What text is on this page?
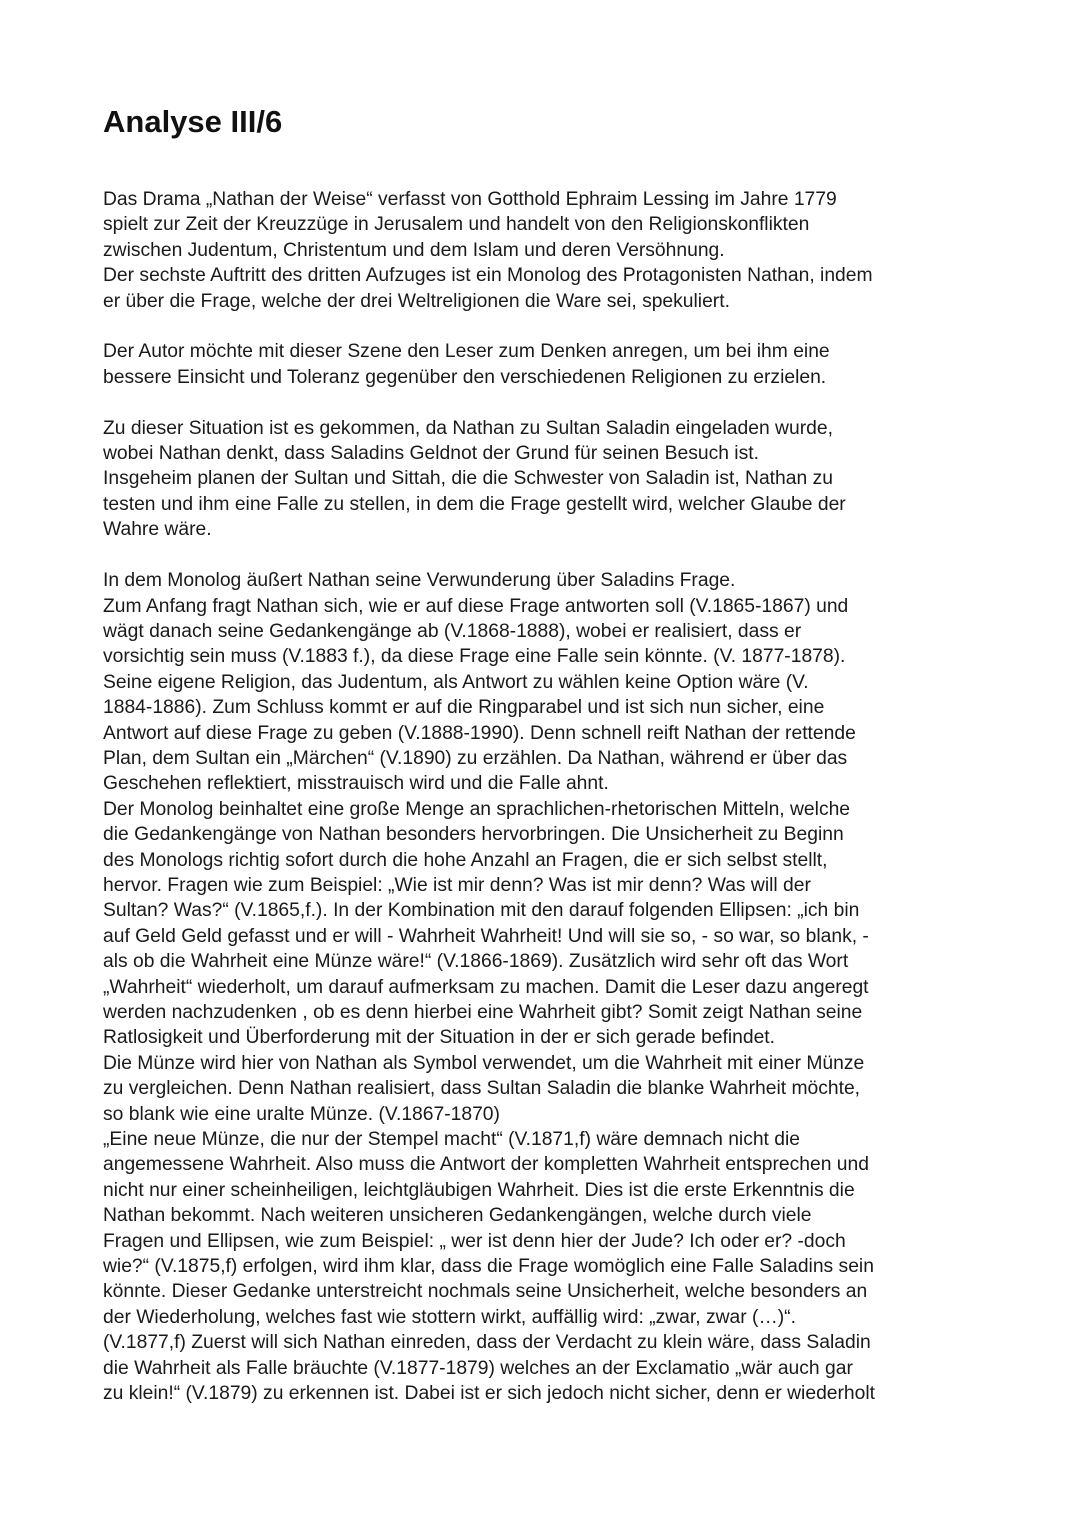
Analyse III/6
Das Drama „Nathan der Weise“ verfasst von Gotthold Ephraim Lessing im Jahre 1779
spielt zur Zeit der Kreuzzüge in Jerusalem und handelt von den Religionskonflikten
zwischen Judentum, Christentum und dem Islam und deren Versöhnung.
Der sechste Auftritt des dritten Aufzuges ist ein Monolog des Protagonisten Nathan, indem
er über die Frage, welche der drei Weltreligionen die Ware sei, spekuliert.

Der Autor möchte mit dieser Szene den Leser zum Denken anregen, um bei ihm eine
bessere Einsicht und Toleranz gegenüber den verschiedenen Religionen zu erzielen.

Zu dieser Situation ist es gekommen, da Nathan zu Sultan Saladin eingeladen wurde,
wobei Nathan denkt, dass Saladins Geldnot der Grund für seinen Besuch ist.
Insgeheim planen der Sultan und Sittah, die die Schwester von Saladin ist, Nathan zu
testen und ihm eine Falle zu stellen, in dem die Frage gestellt wird, welcher Glaube der
Wahre wäre.

In dem Monolog äußert Nathan seine Verwunderung über Saladins Frage.
Zum Anfang fragt Nathan sich, wie er auf diese Frage antworten soll (V.1865-1867) und
wägt danach seine Gedankengänge ab (V.1868-1888), wobei er realisiert, dass er
vorsichtig sein muss (V.1883 f.), da diese Frage eine Falle sein könnte. (V. 1877-1878).
Seine eigene Religion, das Judentum, als Antwort zu wählen keine Option wäre (V.
1884-1886). Zum Schluss kommt er auf die Ringparabel und ist sich nun sicher, eine
Antwort auf diese Frage zu geben (V.1888-1990). Denn schnell reift Nathan der rettende
Plan, dem Sultan ein „Märchen“ (V.1890) zu erzählen. Da Nathan, während er über das
Geschehen reflektiert, misstrauisch wird und die Falle ahnt.
Der Monolog beinhaltet eine große Menge an sprachlichen-rhetorischen Mitteln, welche
die Gedankengänge von Nathan besonders hervorbringen. Die Unsicherheit zu Beginn
des Monologs richtig sofort durch die hohe Anzahl an Fragen, die er sich selbst stellt,
hervor. Fragen wie zum Beispiel: „Wie ist mir denn? Was ist mir denn? Was will der
Sultan? Was?“ (V.1865,f.). In der Kombination mit den darauf folgenden Ellipsen: „ich bin
auf Geld Geld gefasst und er will - Wahrheit Wahrheit! Und will sie so, - so war, so blank, -
als ob die Wahrheit eine Münze wäre!“ (V.1866-1869). Zusätzlich wird sehr oft das Wort
„Wahrheit“ wiederholt, um darauf aufmerksam zu machen. Damit die Leser dazu angeregt
werden nachzudenken , ob es denn hierbei eine Wahrheit gibt? Somit zeigt Nathan seine
Ratlosigkeit und Überforderung mit der Situation in der er sich gerade befindet.
Die Münze wird hier von Nathan als Symbol verwendet, um die Wahrheit mit einer Münze
zu vergleichen. Denn Nathan realisiert, dass Sultan Saladin die blanke Wahrheit möchte,
so blank wie eine uralte Münze. (V.1867-1870)
„Eine neue Münze, die nur der Stempel macht“ (V.1871,f) wäre demnach nicht die
angemessene Wahrheit. Also muss die Antwort der kompletten Wahrheit entsprechen und
nicht nur einer scheinheiligen, leichtgläubigen Wahrheit. Dies ist die erste Erkenntnis die
Nathan bekommt. Nach weiteren unsicheren Gedankengängen, welche durch viele
Fragen und Ellipsen, wie zum Beispiel: „ wer ist denn hier der Jude? Ich oder er? -doch
wie?“ (V.1875,f) erfolgen, wird ihm klar, dass die Frage womöglich eine Falle Saladins sein
könnte. Dieser Gedanke unterstreicht nochmals seine Unsicherheit, welche besonders an
der Wiederholung, welches fast wie stottern wirkt, auffällig wird: „zwar, zwar (…)“.
(V.1877,f) Zuerst will sich Nathan einreden, dass der Verdacht zu klein wäre, dass Saladin
die Wahrheit als Falle bräuchte (V.1877-1879) welches an der Exclamatio „wär auch gar
zu klein!“ (V.1879) zu erkennen ist. Dabei ist er sich jedoch nicht sicher, denn er wiederholt
